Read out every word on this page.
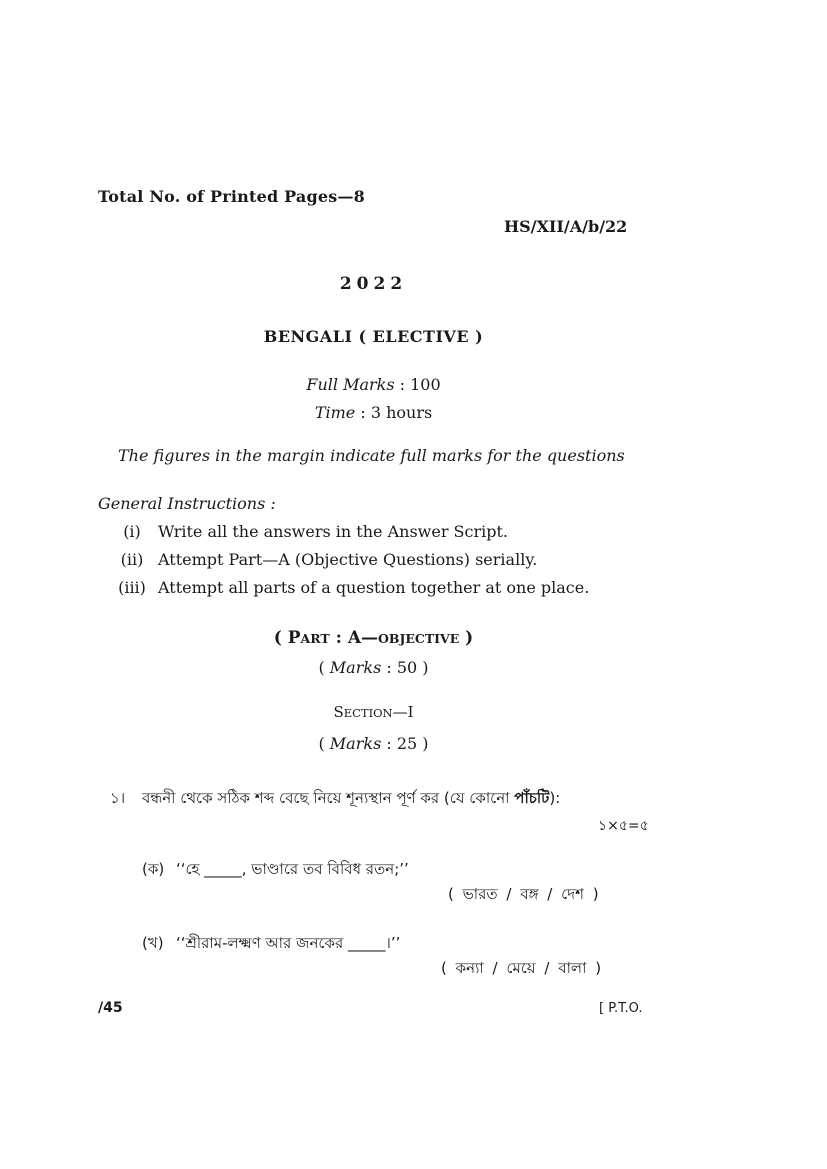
Total No. of Printed Pages—8
HS/XII/A/b/22
2022
BENGALI ( ELECTIVE )
Full Marks : 100
Time : 3 hours
The figures in the margin indicate full marks for the questions
General Instructions :
(i)	Write all the answers in the Answer Script.
(ii) Attempt Part—A (Objective Questions) serially.
(iii) Attempt all parts of a question together at one place.
( PART : A—OBJECTIVE )
( Marks : 50 )
SECTION—I
( Marks : 25 )
১। বন্ধনী থেকে সঠিক শব্দ বেছে নিয়ে শূন্যস্থান পূর্ণ কর (যে কোনো পাঁচটি):
১×৫=৫
(ক) ‘‘হে _____, ভাণ্ডারে তব বিবিধ রতন;’’
( ভারত / বঙ্গ / দেশ )
(খ) ‘‘শ্রীরাম-লক্ষ্মণ আর জনকের _____।’’
( কন্যা / মেয়ে / বালা )
/45	[ P.T.O.
